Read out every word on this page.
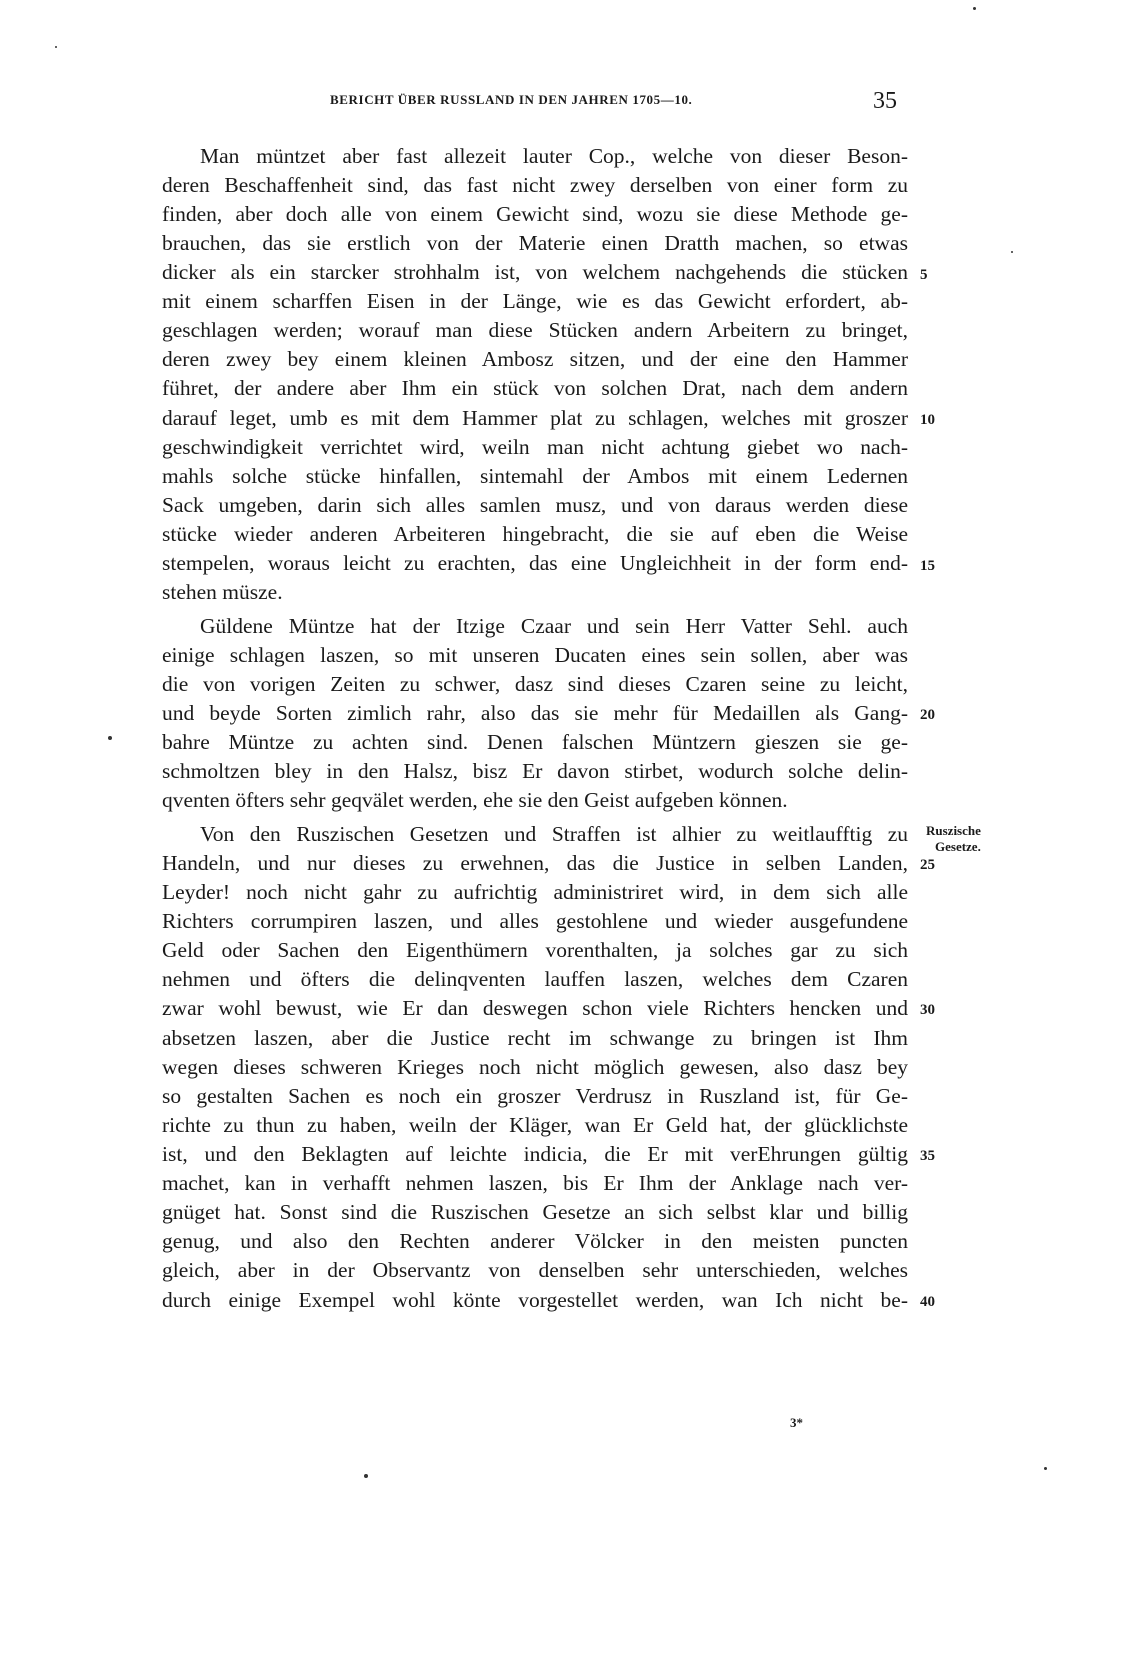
BERICHT ÜBER RUSSLAND IN DEN JAHREN 1705—10.	35
Man müntzet aber fast allezeit lauter Cop., welche von dieser Beson-
deren Beschaffenheit sind, das fast nicht zwey derselben von einer form zu
finden, aber doch alle von einem Gewicht sind, wozu sie diese Methode ge-
brauchen, das sie erstlich von der Materie einen Dratth machen, so etwas
dicker als ein starcker strohhalm ist, von welchem nachgehends die stücken
mit einem scharffen Eisen in der Länge, wie es das Gewicht erfordert, ab-
geschlagen werden; worauf man diese Stücken andern Arbeitern zu bringet,
deren zwey bey einem kleinen Ambosz sitzen, und der eine den Hammer
führet, der andere aber Ihm ein stück von solchen Drat, nach dem andern
darauf leget, umb es mit dem Hammer plat zu schlagen, welches mit groszer
geschwindigkeit verrichtet wird, weiln man nicht achtung giebet wo nach-
mahls solche stücke hinfallen, sintemahl der Ambos mit einem Ledernen
Sack umgeben, darin sich alles samlen musz, und von daraus werden diese
stücke wieder anderen Arbeiteren hingebracht, die sie auf eben die Weise
stempelen, woraus leicht zu erachten, das eine Ungleichheit in der form end-
stehen müsze.
Güldene Müntze hat der Itzige Czaar und sein Herr Vatter Sehl. auch
einige schlagen laszen, so mit unseren Ducaten eines sein sollen, aber was
die von vorigen Zeiten zu schwer, dasz sind dieses Czaren seine zu leicht,
und beyde Sorten zimlich rahr, also das sie mehr für Medaillen als Gang-
bahre Müntze zu achten sind. Denen falschen Müntzern gieszen sie ge-
schmoltzen bley in den Halsz, bisz Er davon stirbet, wodurch solche delin-
qventen öfters sehr geqvälet werden, ehe sie den Geist aufgeben können.
Von den Ruszischen Gesetzen und Straffen ist alhier zu weitlaufftig zu
Handeln, und nur dieses zu erwehnen, das die Justice in selben Landen,
Leyder! noch nicht gahr zu aufrichtig administriret wird, in dem sich alle
Richters corrumpiren laszen, und alles gestohlene und wieder ausgefundene
Geld oder Sachen den Eigenthümern vorenthalten, ja solches gar zu sich
nehmen und öfters die delinqventen lauffen laszen, welches dem Czaren
zwar wohl bewust, wie Er dan deswegen schon viele Richters hencken und
absetzen laszen, aber die Justice recht im schwange zu bringen ist Ihm
wegen dieses schweren Krieges noch nicht möglich gewesen, also dasz bey
so gestalten Sachen es noch ein groszer Verdrusz in Ruszland ist, für Ge-
richte zu thun zu haben, weiln der Kläger, wan Er Geld hat, der glücklichste
ist, und den Beklagten auf leichte indicia, die Er mit verEhrungen gültig
machet, kan in verhafft nehmen laszen, bis Er Ihm der Anklage nach ver-
gnüget hat. Sonst sind die Ruszischen Gesetze an sich selbst klar und billig
genug, und also den Rechten anderer Völcker in den meisten puncten
gleich, aber in der Observantz von denselben sehr unterschieden, welches
durch einige Exempel wohl könte vorgestellet werden, wan Ich nicht be-
5
10
15
20
25
30
35
40
Ruszische
Gesetze.
3*
